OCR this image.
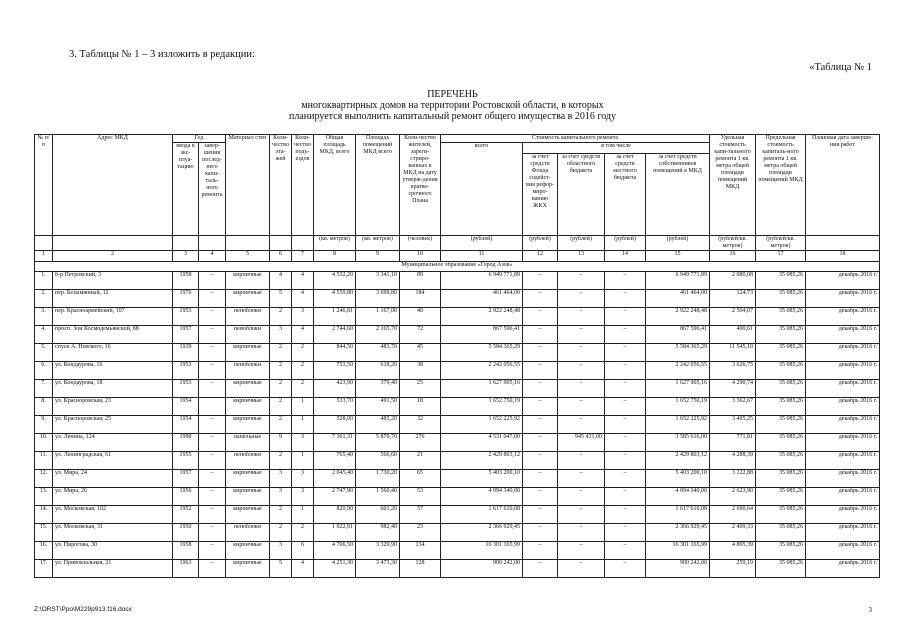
3. Таблицы № 1 – 3 изложить в редакции:
«Таблица № 1
ПЕРЕЧЕНЬ
многоквартирных домов на территории Ростовской области, в которых
планируется выполнить капитальный ремонт общего имущества в 2016 году
№ п/п	Адрес МКД	Год		Материал стен	Коли-чество эта-жей	Коли-чество подъ-ездов	Общая площадь МКД, всего	Площадь помещений МКД всего	Коли-чество жителей, зареги-стриро-ванных в МКД на дату утверж-дения кратко-срочного Плана	Стоимость капитального ремонта					Удельная стоимость капи-тального ремонта 1 кв. метра общей площади помещений МКД	Предельная стоимость капиталь-ного ремонта 1 кв. метра общей площади помещений МКД	Плановая дата заверше-ния работ
		ввода в экс-плуа-тацию	завер-шения послед-него капи-таль-ного ремонта							всего	в том числе						
											за счет средств Фонда содейст-вия рефор-миро-ванию ЖКХ	за счет средств областного бюджета	за счет средств местного бюджета	за счет средств собственников помещений в МКД			
							(кв. метров)	(кв. метров)	(человек)	(рублей)	(рублей)	(рублей)	(рублей)	(рублей)	(рублей/кв. метров)	(рублей/кв. метров)	
1	2	3	4	5	6	7	8	9	10	11	12	13	14	15	16	17	18
Муниципальное образование «Город Азов»																	
1.	б-р Петровский, 3	1958	–	кирпичные	4	4	4 532,20	3 341,10	89	6 949 771,89	–	–	–	6 949 771,89	2 080,08	35 085,26	декабрь 2016 г.
2.	пер. Безымянный, 12	1976	–	кирпичные	5	4	4 559,80	3 699,80	184	461 464,00	–	–	–	461 464,00	124,73	35 085,26	декабрь 2016 г.
3.	пер. Красноармейский, 107	1953	–	пеноблоки	2	3	1 246,81	1 167,00	40	2 922 248,48	–	–	–	2 922 248,48	2 504,07	35 085,26	декабрь 2016 г.
4.	просп. Зои Космодемьянской, 88	1957	–	пеноблоки	3	4	2 744,60	2 165,70	72	867 596,41	–	–	–	867 596,41	400,61	35 085,26	декабрь 2016 г.
5.	спуск А. Невского, 16	1939	–	кирпичные	2	2	844,50	483,70	45	5 584 365,29	–	–	–	5 584 365,29	11 545,10	35 085,26	декабрь 2016 г.
6.	ул. Кондаурова, 16	1953	–	пеноблоки	2	2	753,50	618,20	38	2 242 056,55	–	–	–	2 242 056,55	3 626,75	35 085,26	декабрь 2016 г.
7.	ул. Кондаурова, 18	1953	–	кирпичные	2	2	423,90	379,40	25	1 627 905,16	–	–	–	1 627 905,16	4 290,74	35 085,26	декабрь 2016 г.
8.	ул. Красноровская, 23	1954		кирпичные	2	1	533,70	491,50	18	1 652 750,19	–	–	–	1 652 750,19	3 362,67	35 085,26	декабрь 2016 г.
9.	ул. Красноровская, 25	1954	–	кирпичные	2	1	528,00	485,20	32	1 652 225,92	–	–	–	1 652 225,92	3 405,25	35 085,26	декабрь 2016 г.
10.	ул. Ленина, 124	1990	–	панельные	9	3	7 361,31	5 870,70	276	4 531 047,00	–	945 431,00	–	3 585 616,00	771,81	35 085,26	декабрь 2016 г.
11.	ул. Ленинградская, 61	1955	–	пеноблоки	2	1	765,40	566,60	21	2 429 803,12	–	–	–	2 429 803,12	4 288,39	35 085,26	декабрь 2016 г.
12.	ул. Мира, 24	1957	–	кирпичные	3	3	2 045,40	1 730,20	65	5 403 200,10	–	–	–	5 403 200,10	3 122,88	35 085,26	декабрь 2016 г.
13.	ул. Мира, 26	1956	–	кирпичные	3	3	2 747,90	1 560,40	53	4 094 340,00	–	–	–	4 094 340,00	2 623,90	35 085,26	декабрь 2016 г.
14.	ул. Московская, 102	1952	–	кирпичные	2	1	820,90	601,20	57	1 617 610,08	–	–	–	1 617 610,08	2 690,64	35 085,26	декабрь 2016 г.
15.	ул. Московская, 31	1950	–	пеноблоки	2	2	1 022,91	982,40	23	2 366 929,45	–	–	–	2 366 929,45	2 409,33	35 085,26	декабрь 2016 г.
16.	ул. Пирогова, 30	1958	–	кирпичные	3	6	4 706,50	3 329,90	134	16 301 165,99	–	–	–	16 301 165,99	4 895,39	35 085,26	декабрь 2016 г.
17.	ул. Привокзальная, 21	1963	–	кирпичные	5	4	4 251,30	3 473,30	128	900 242,00	–	–	–	900 242,00	259,19	35 085,26	декабрь 2016 г.
Z:\ORST\Ppo\M229p913.f16.docx	3
